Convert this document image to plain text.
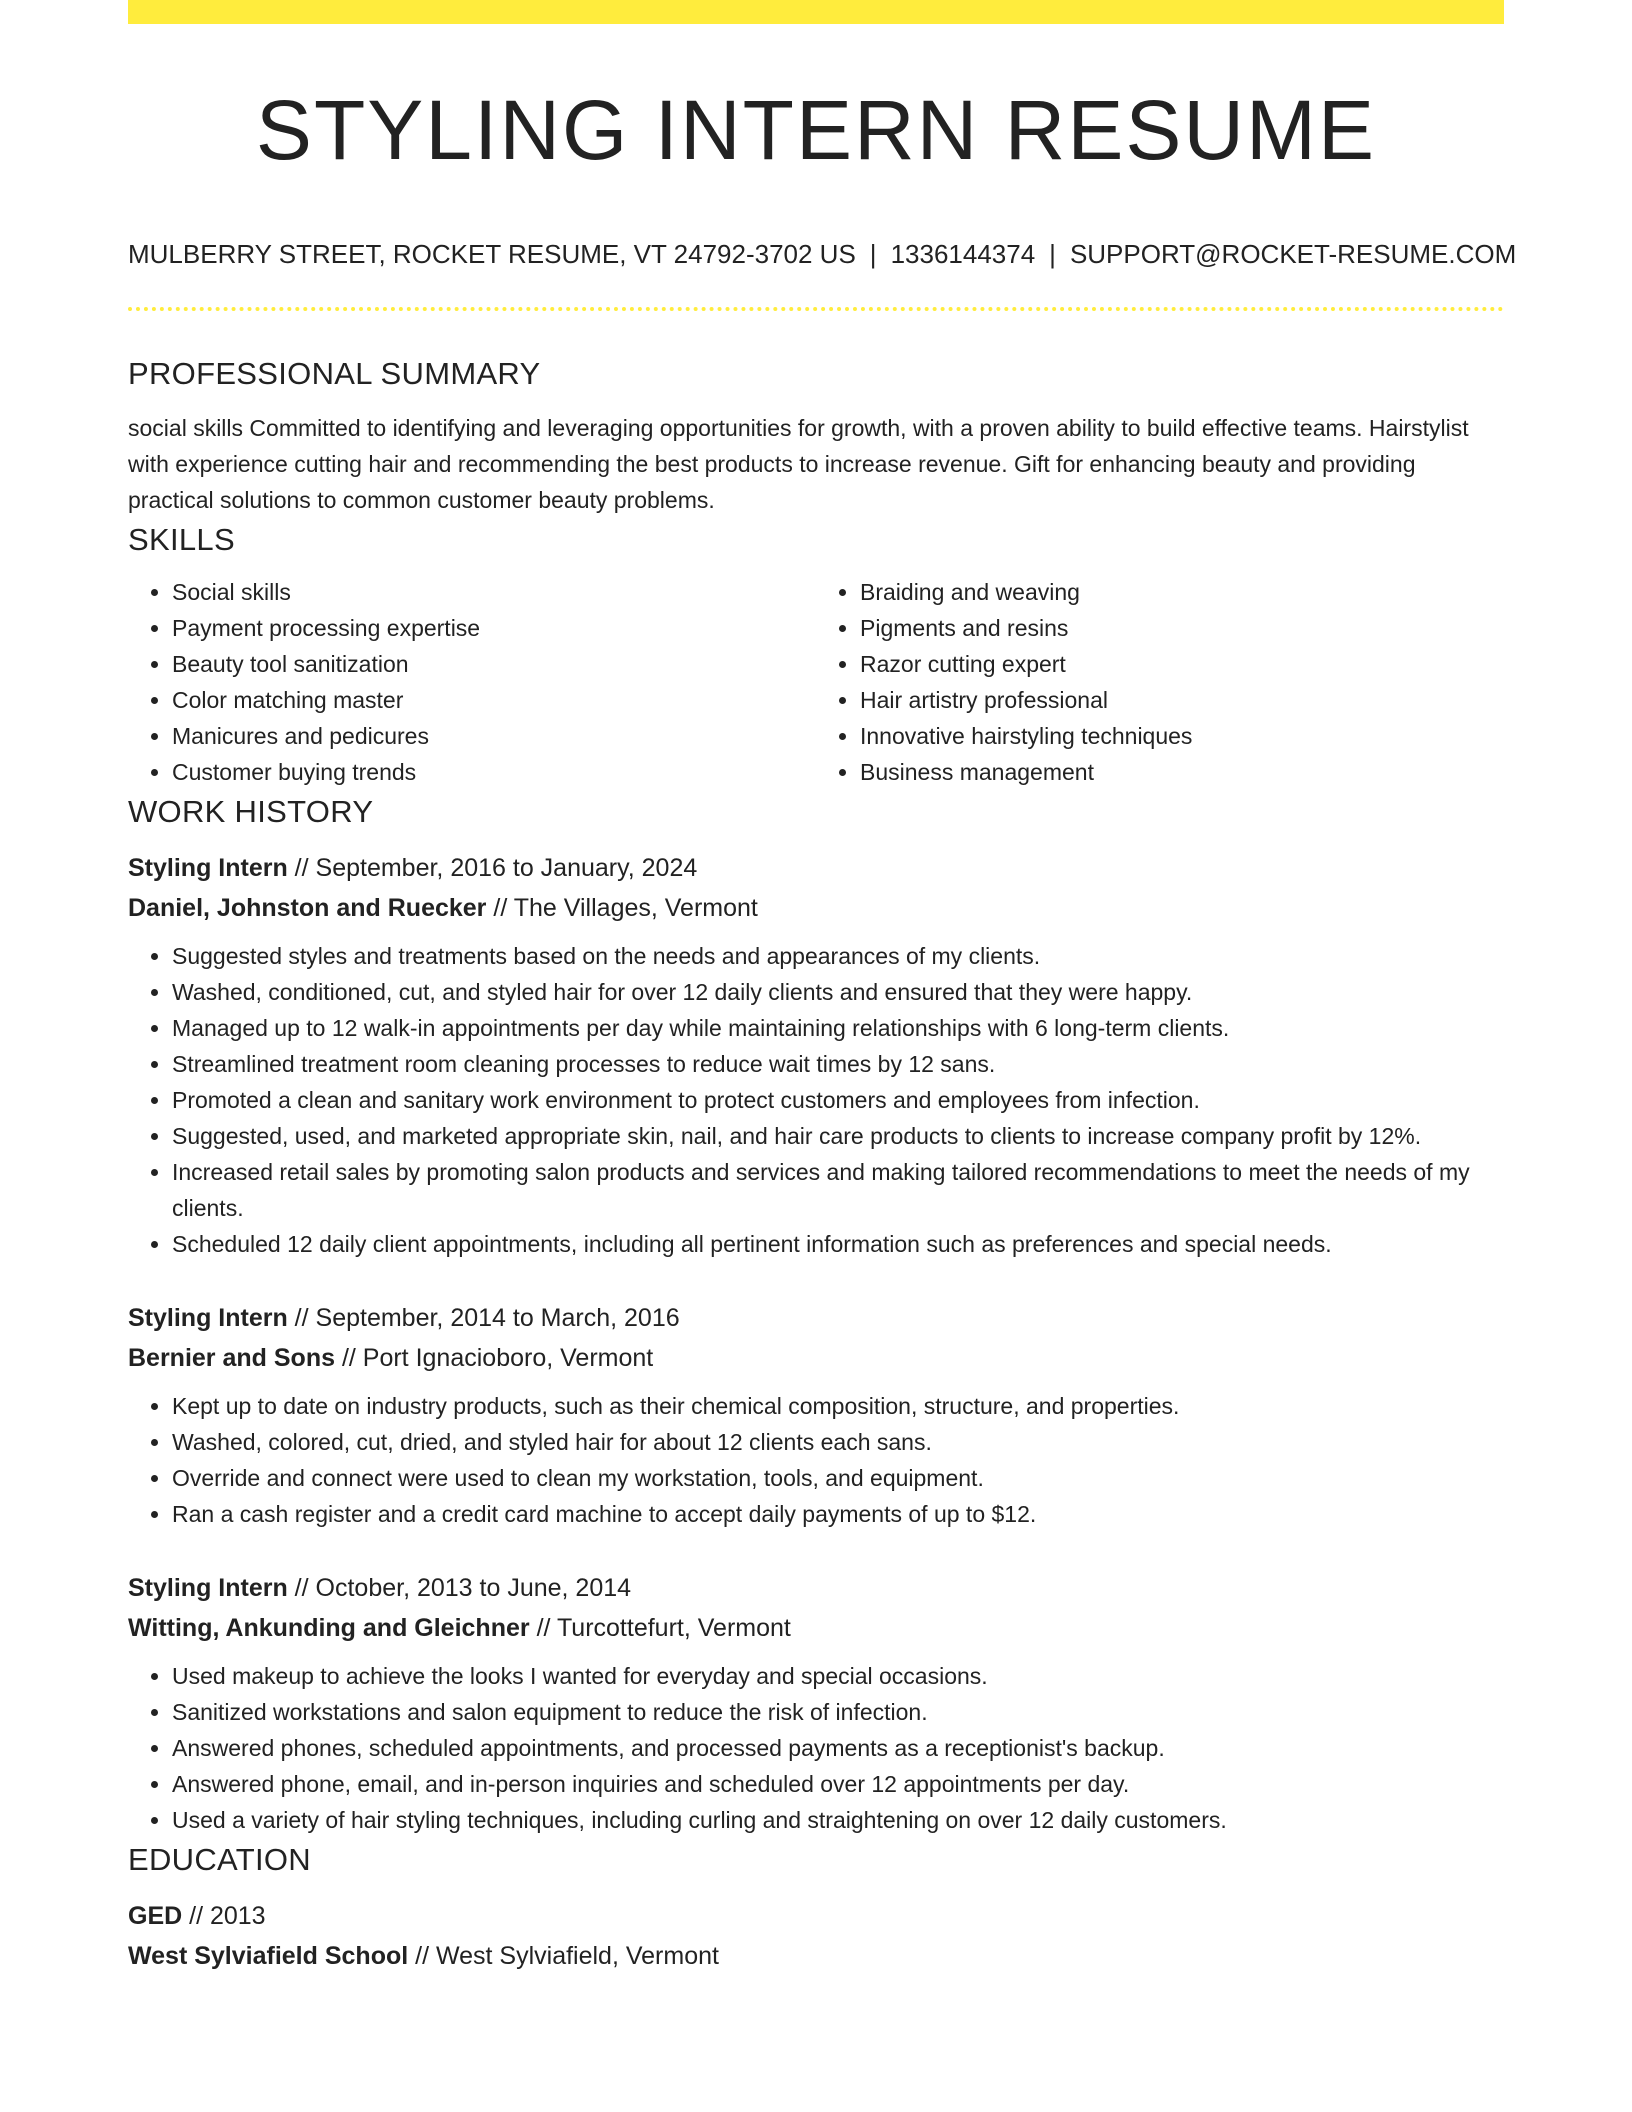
STYLING INTERN RESUME
MULBERRY STREET, ROCKET RESUME, VT 24792-3702 US | 1336144374 | SUPPORT@ROCKET-RESUME.COM
PROFESSIONAL SUMMARY

social skills Committed to identifying and leveraging opportunities for growth, with a proven ability to build effective teams. Hairstylist with experience cutting hair and recommending the best products to increase revenue. Gift for enhancing beauty and providing practical solutions to common customer beauty problems.

SKILLS
• Social skills
• Payment processing expertise
• Beauty tool sanitization
• Color matching master
• Manicures and pedicures
• Customer buying trends
• Braiding and weaving
• Pigments and resins
• Razor cutting expert
• Hair artistry professional
• Innovative hairstyling techniques
• Business management
WORK HISTORY
Styling Intern // September, 2016 to January, 2024
Daniel, Johnston and Ruecker // The Villages, Vermont
• Suggested styles and treatments based on the needs and appearances of my clients.
• Washed, conditioned, cut, and styled hair for over 12 daily clients and ensured that they were happy.
• Managed up to 12 walk-in appointments per day while maintaining relationships with 6 long-term clients.
• Streamlined treatment room cleaning processes to reduce wait times by 12 sans.
• Promoted a clean and sanitary work environment to protect customers and employees from infection.
• Suggested, used, and marketed appropriate skin, nail, and hair care products to clients to increase company profit by 12%.
• Increased retail sales by promoting salon products and services and making tailored recommendations to meet the needs of my clients.
• Scheduled 12 daily client appointments, including all pertinent information such as preferences and special needs.
Styling Intern // September, 2014 to March, 2016
Bernier and Sons // Port Ignacioboro, Vermont
• Kept up to date on industry products, such as their chemical composition, structure, and properties.
• Washed, colored, cut, dried, and styled hair for about 12 clients each sans.
• Override and connect were used to clean my workstation, tools, and equipment.
• Ran a cash register and a credit card machine to accept daily payments of up to $12.
Styling Intern // October, 2013 to June, 2014
Witting, Ankunding and Gleichner // Turcottefurt, Vermont
• Used makeup to achieve the looks I wanted for everyday and special occasions.
• Sanitized workstations and salon equipment to reduce the risk of infection.
• Answered phones, scheduled appointments, and processed payments as a receptionist's backup.
• Answered phone, email, and in-person inquiries and scheduled over 12 appointments per day.
• Used a variety of hair styling techniques, including curling and straightening on over 12 daily customers.
EDUCATION
GED // 2013
West Sylviafield School // West Sylviafield, Vermont
